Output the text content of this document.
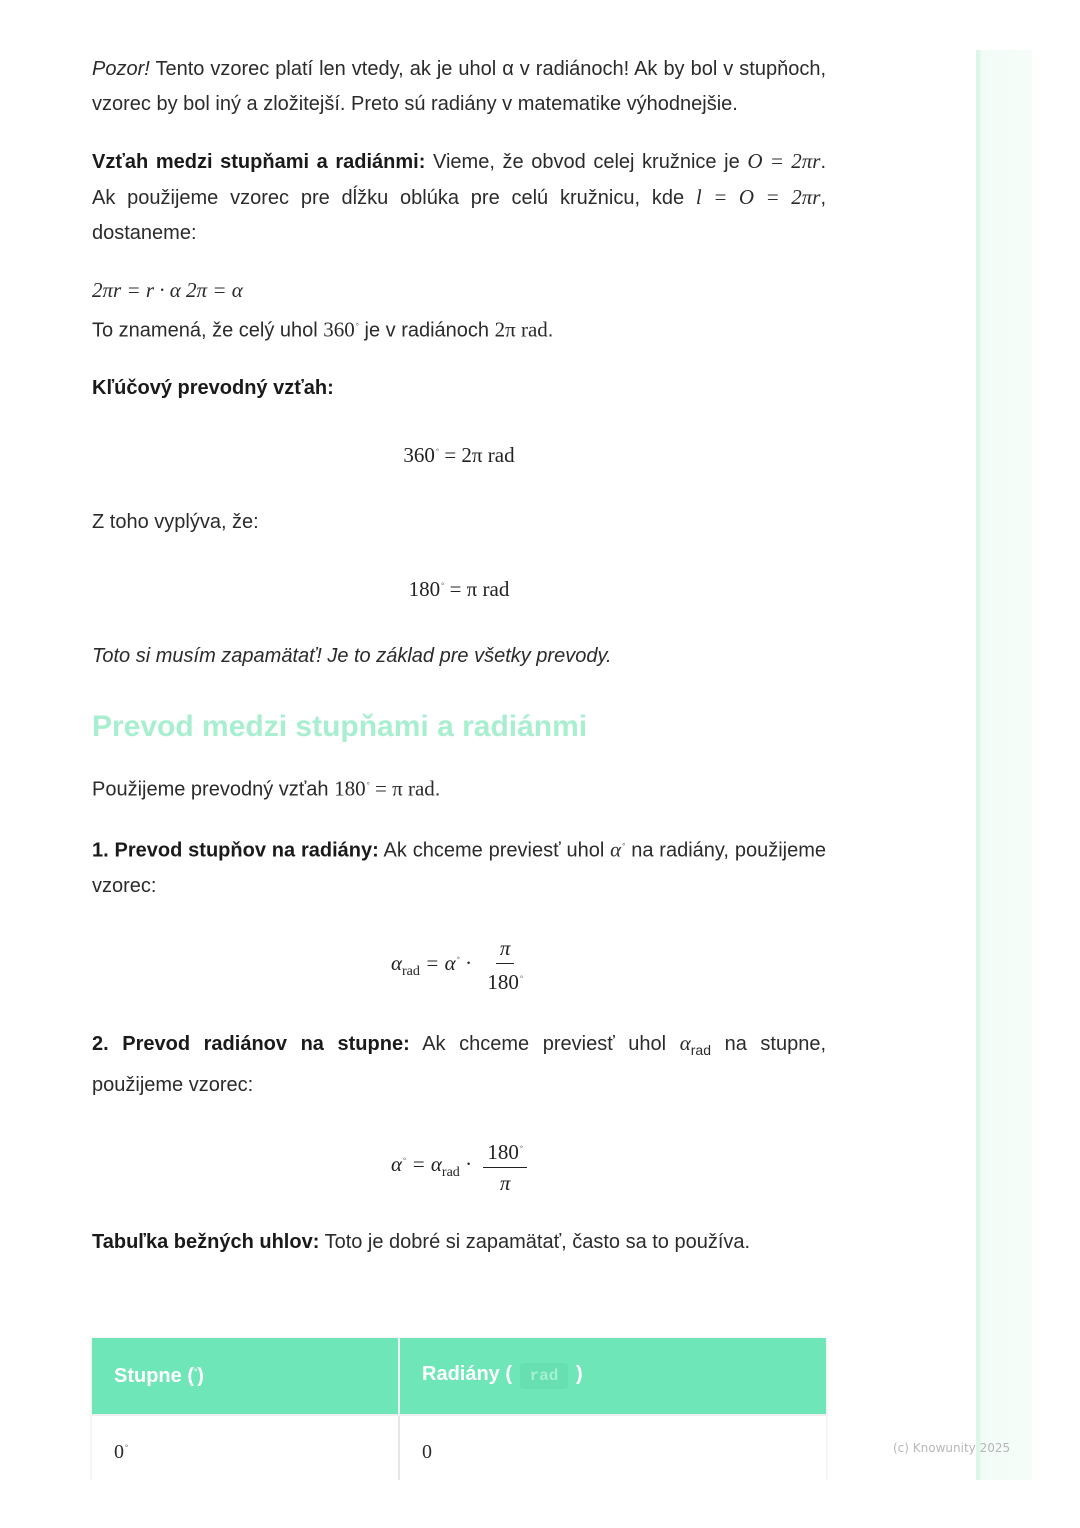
Pozor! Tento vzorec platí len vtedy, ak je uhol α v radiánoch! Ak by bol v stupňoch, vzorec by bol iný a zložitejší. Preto sú radiány v matematike výhodnejšie.

Vzťah medzi stupňami a radiánmi: Vieme, že obvod celej kružnice je O = 2πr. Ak použijeme vzorec pre dĺžku oblúka pre celú kružnicu, kde l = O = 2πr, dostaneme:

2πr = r · α 2π = α

To znamená, že celý uhol 360° je v radiánoch 2π rad.

Kľúčový prevodný vzťah:

360° = 2π rad

Z toho vyplýva, že:

180° = π rad

Toto si musím zapamätať! Je to základ pre všetky prevody.

Prevod medzi stupňami a radiánmi

Použijeme prevodný vzťah 180° = π rad.

1. Prevod stupňov na radiány: Ak chceme previesť uhol α° na radiány, použijeme vzorec:

$\alpha_{rad} = \alpha^\circ \cdot \frac{\pi}{180^\circ}$

2. Prevod radiánov na stupne: Ak chceme previesť uhol $\alpha_{rad}$ na stupne, použijeme vzorec:

$\alpha^\circ = \alpha_{rad} \cdot \frac{180^\circ}{\pi}$

Tabuľka bežných uhlov: Toto je dobré si zapamätať, často sa to používa.

Stupne (°)	Radiány ( rad )
0°	0	(c) Knowunity 2025
